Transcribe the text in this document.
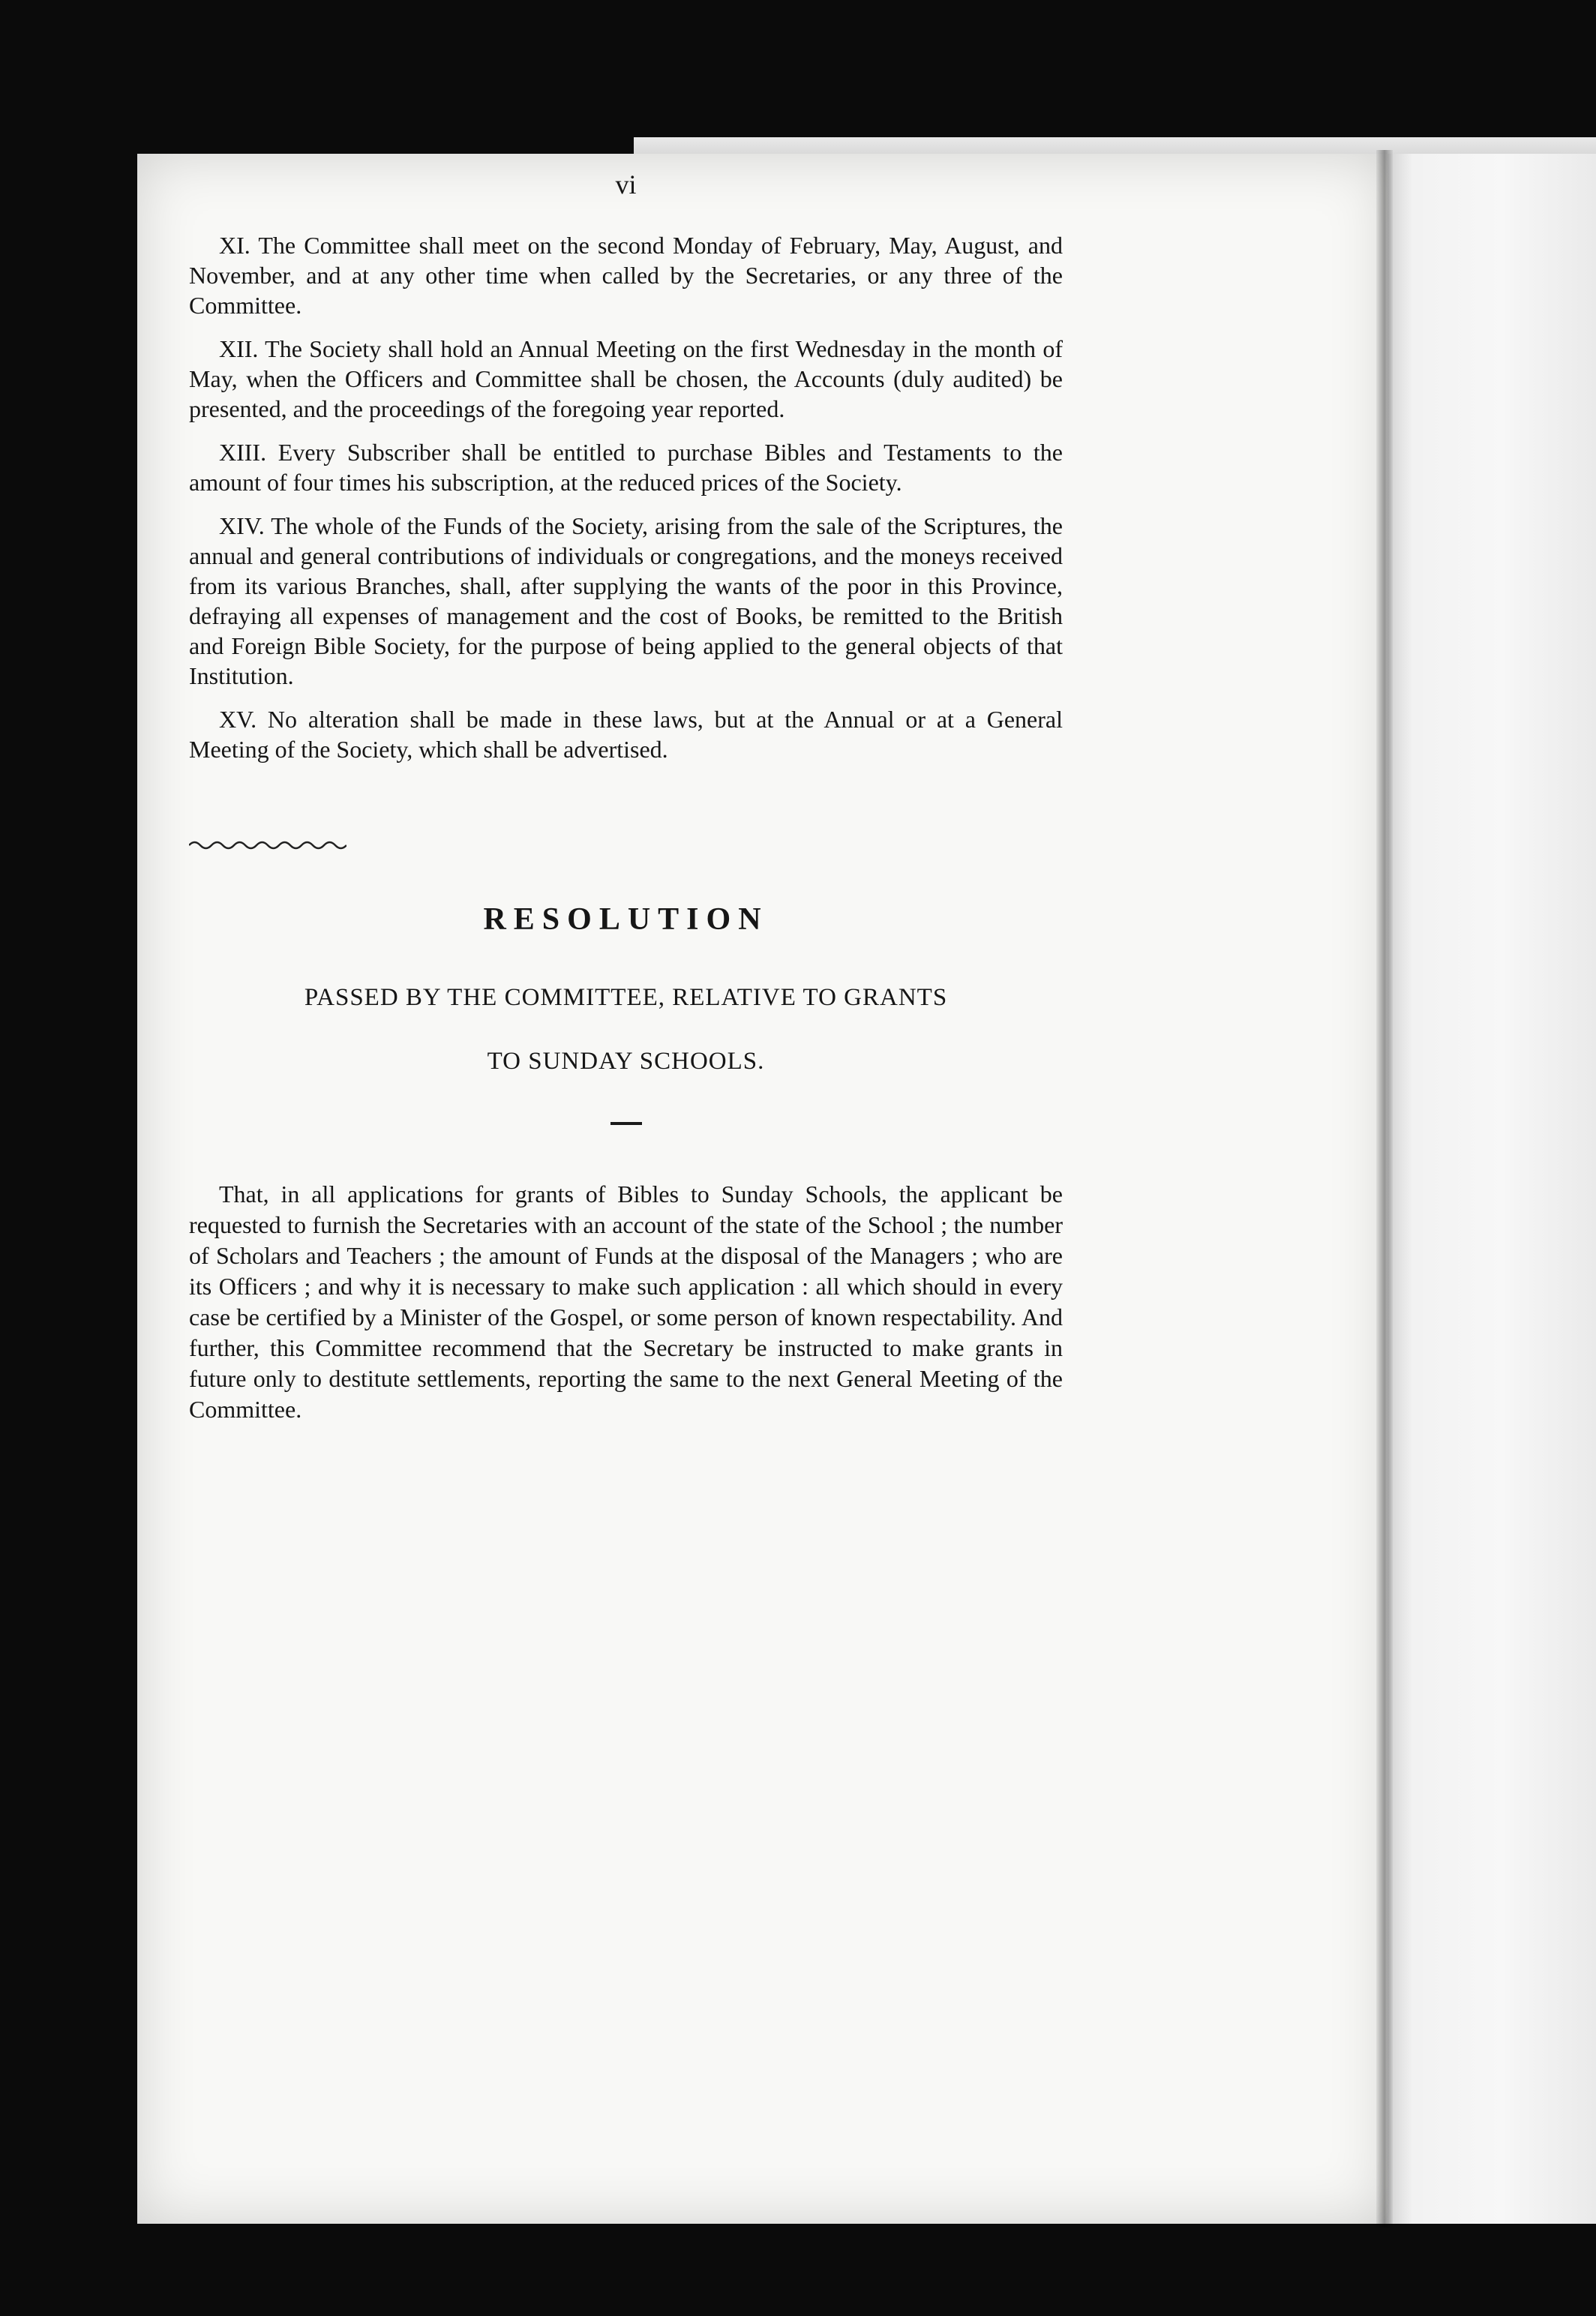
vi

XI. The Committee shall meet on the second Monday of February, May, August, and November, and at any other time when called by the Secretaries, or any three of the Committee.

XII. The Society shall hold an Annual Meeting on the first Wednesday in the month of May, when the Officers and Committee shall be chosen, the Accounts (duly audited) be presented, and the proceedings of the foregoing year reported.

XIII. Every Subscriber shall be entitled to purchase Bibles and Testaments to the amount of four times his subscription, at the reduced prices of the Society.

XIV. The whole of the Funds of the Society, arising from the sale of the Scriptures, the annual and general contributions of individuals or congregations, and the moneys received from its various Branches, shall, after supplying the wants of the poor in this Province, defraying all expenses of management and the cost of Books, be remitted to the British and Foreign Bible Society, for the purpose of being applied to the general objects of that Institution.

XV. No alteration shall be made in these laws, but at the Annual or at a General Meeting of the Society, which shall be advertised.

RESOLUTION
PASSED BY THE COMMITTEE, RELATIVE TO GRANTS
TO SUNDAY SCHOOLS.

That, in all applications for grants of Bibles to Sunday Schools, the applicant be requested to furnish the Secretaries with an account of the state of the School ; the number of Scholars and Teachers ; the amount of Funds at the disposal of the Managers ; who are its Officers ; and why it is necessary to make such application : all which should in every case be certified by a Minister of the Gospel, or some person of known respectability. And further, this Committee recommend that the Secretary be instructed to make grants in future only to destitute settlements, reporting the same to the next General Meeting of the Committee.
